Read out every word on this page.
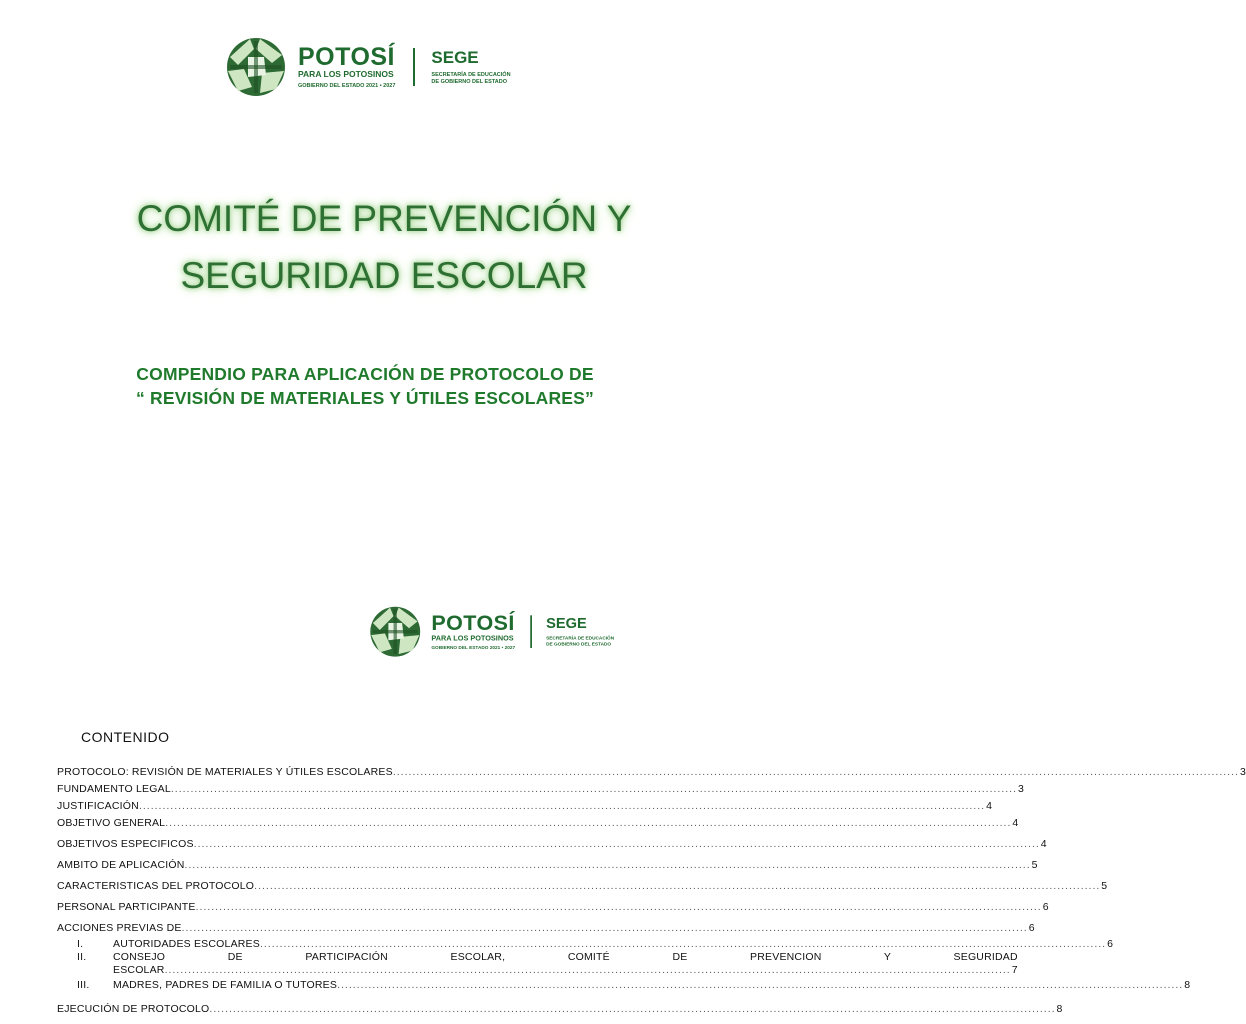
POTOSÍ
PARA LOS POTOSINOS
GOBIERNO DEL ESTADO 2021 • 2027
SEGE
SECRETARÍA DE EDUCACIÓN
DE GOBIERNO DEL ESTADO
COMITÉ DE PREVENCIÓN Y
SEGURIDAD ESCOLAR
COMPENDIO PARA APLICACIÓN DE PROTOCOLO DE
“ REVISIÓN DE MATERIALES Y ÚTILES ESCOLARES”
POTOSÍ
PARA LOS POTOSINOS
GOBIERNO DEL ESTADO 2021 • 2027
SEGE
SECRETARÍA DE EDUCACIÓN
DE GOBIERNO DEL ESTADO
CONTENIDO
PROTOCOLO: REVISIÓN DE MATERIALES Y ÚTILES ESCOLARES ........................................................................................................................................................................................................................ 3
FUNDAMENTO LEGAL ........................................................................................................................................................................................................................ 3
JUSTIFICACIÓN ........................................................................................................................................................................................................................ 4
OBJETIVO GENERAL ........................................................................................................................................................................................................................ 4
OBJETIVOS ESPECIFICOS ........................................................................................................................................................................................................................ 4
AMBITO DE APLICACIÓN ........................................................................................................................................................................................................................ 5
CARACTERISTICAS DEL PROTOCOLO ........................................................................................................................................................................................................................ 5
PERSONAL PARTICIPANTE ........................................................................................................................................................................................................................ 6
ACCIONES PREVIAS DE ........................................................................................................................................................................................................................ 6
I.	AUTORIDADES ESCOLARES ........................................................................................................................................................................................................................ 6
II.	CONSEJO DE PARTICIPACIÓN ESCOLAR, COMITÉ DE PREVENCION Y SEGURIDAD
ESCOLAR ........................................................................................................................................................................................................................ 7
III.	MADRES, PADRES DE FAMILIA O TUTORES ........................................................................................................................................................................................................................ 8
EJECUCIÓN DE PROTOCOLO ........................................................................................................................................................................................................................ 8
